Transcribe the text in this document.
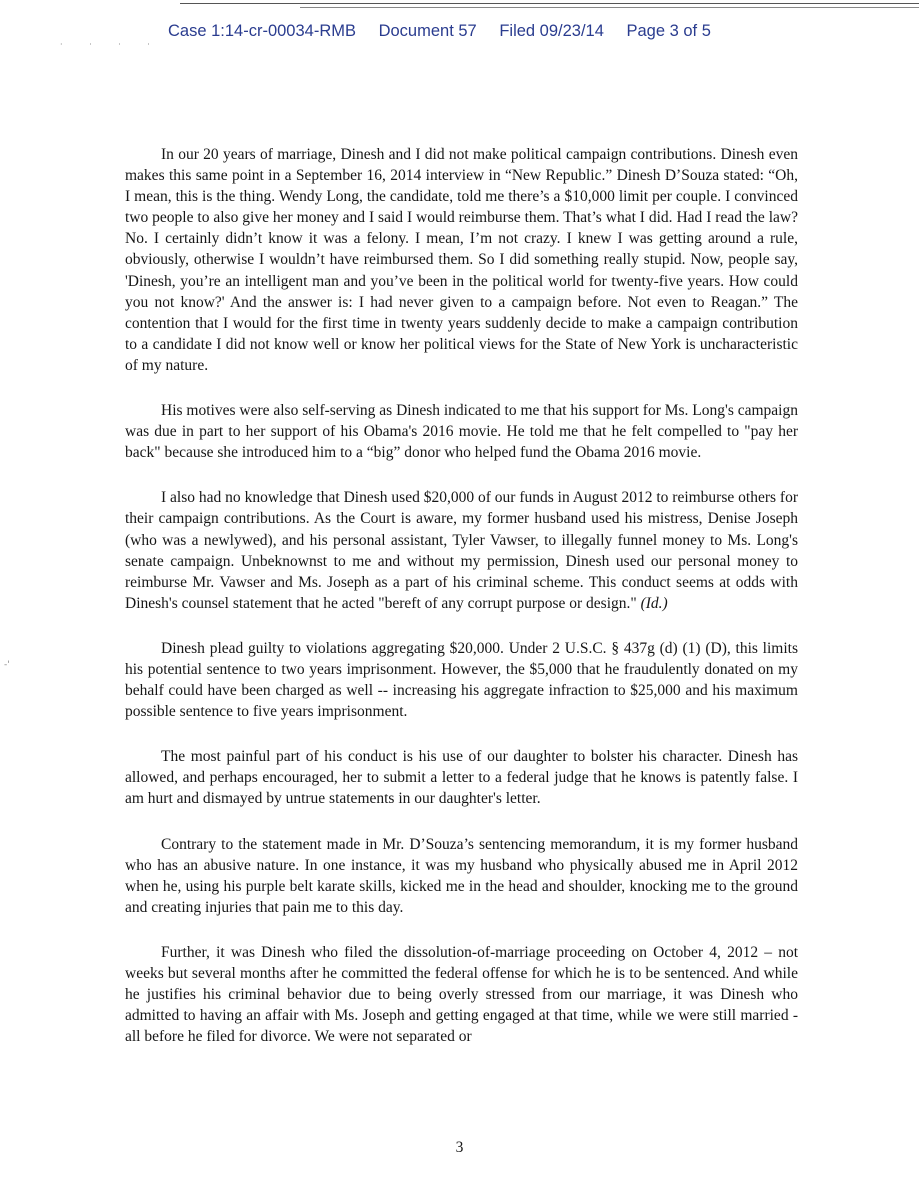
· · · ·
-'
Case 1:14-cr-00034-RMB Document 57 Filed 09/23/14 Page 3 of 5

In our 20 years of marriage, Dinesh and I did not make political campaign contributions. Dinesh even makes this same point in a September 16, 2014 interview in “New Republic.” Dinesh D’Souza stated: “Oh, I mean, this is the thing. Wendy Long, the candidate, told me there’s a $10,000 limit per couple. I convinced two people to also give her money and I said I would reimburse them. That’s what I did. Had I read the law? No. I certainly didn’t know it was a felony. I mean, I’m not crazy. I knew I was getting around a rule, obviously, otherwise I wouldn’t have reimbursed them. So I did something really stupid. Now, people say, 'Dinesh, you’re an intelligent man and you’ve been in the political world for twenty-five years. How could you not know?' And the answer is: I had never given to a campaign before. Not even to Reagan.” The contention that I would for the first time in twenty years suddenly decide to make a campaign contribution to a candidate I did not know well or know her political views for the State of New York is uncharacteristic of my nature.

His motives were also self-serving as Dinesh indicated to me that his support for Ms. Long's campaign was due in part to her support of his Obama's 2016 movie. He told me that he felt compelled to "pay her back" because she introduced him to a “big” donor who helped fund the Obama 2016 movie.

I also had no knowledge that Dinesh used $20,000 of our funds in August 2012 to reimburse others for their campaign contributions. As the Court is aware, my former husband used his mistress, Denise Joseph (who was a newlywed), and his personal assistant, Tyler Vawser, to illegally funnel money to Ms. Long's senate campaign. Unbeknownst to me and without my permission, Dinesh used our personal money to reimburse Mr. Vawser and Ms. Joseph as a part of his criminal scheme. This conduct seems at odds with Dinesh's counsel statement that he acted "bereft of any corrupt purpose or design." (Id.)

Dinesh plead guilty to violations aggregating $20,000. Under 2 U.S.C. § 437g (d) (1) (D), this limits his potential sentence to two years imprisonment. However, the $5,000 that he fraudulently donated on my behalf could have been charged as well -- increasing his aggregate infraction to $25,000 and his maximum possible sentence to five years imprisonment.

The most painful part of his conduct is his use of our daughter to bolster his character. Dinesh has allowed, and perhaps encouraged, her to submit a letter to a federal judge that he knows is patently false. I am hurt and dismayed by untrue statements in our daughter's letter.

Contrary to the statement made in Mr. D’Souza’s sentencing memorandum, it is my former husband who has an abusive nature. In one instance, it was my husband who physically abused me in April 2012 when he, using his purple belt karate skills, kicked me in the head and shoulder, knocking me to the ground and creating injuries that pain me to this day.

Further, it was Dinesh who filed the dissolution-of-marriage proceeding on October 4, 2012 – not weeks but several months after he committed the federal offense for which he is to be sentenced. And while he justifies his criminal behavior due to being overly stressed from our marriage, it was Dinesh who admitted to having an affair with Ms. Joseph and getting engaged at that time, while we were still married - all before he filed for divorce. We were not separated or

3
